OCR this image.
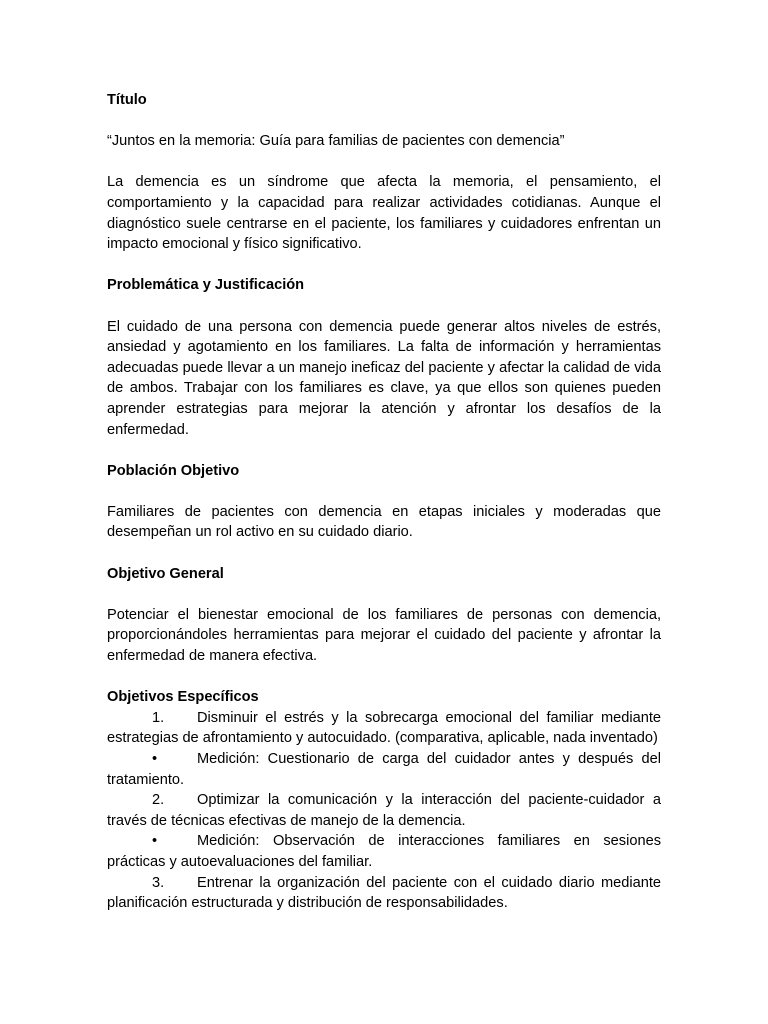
Título

“Juntos en la memoria: Guía para familias de pacientes con demencia”

La demencia es un síndrome que afecta la memoria, el pensamiento, el comportamiento y la capacidad para realizar actividades cotidianas. Aunque el diagnóstico suele centrarse en el paciente, los familiares y cuidadores enfrentan un impacto emocional y físico significativo.

Problemática y Justificación

El cuidado de una persona con demencia puede generar altos niveles de estrés, ansiedad y agotamiento en los familiares. La falta de información y herramientas adecuadas puede llevar a un manejo ineficaz del paciente y afectar la calidad de vida de ambos. Trabajar con los familiares es clave, ya que ellos son quienes pueden aprender estrategias para mejorar la atención y afrontar los desafíos de la enfermedad.

Población Objetivo

Familiares de pacientes con demencia en etapas iniciales y moderadas que desempeñan un rol activo en su cuidado diario.

Objetivo General

Potenciar el bienestar emocional de los familiares de personas con demencia, proporcionándoles herramientas para mejorar el cuidado del paciente y afrontar la enfermedad de manera efectiva.

Objetivos Específicos

1. Disminuir el estrés y la sobrecarga emocional del familiar mediante estrategias de afrontamiento y autocuidado. (comparativa, aplicable, nada inventado)

•	Medición: Cuestionario de carga del cuidador antes y después del tratamiento.

2. Optimizar la comunicación y la interacción del paciente-cuidador a través de técnicas efectivas de manejo de la demencia.

•	Medición: Observación de interacciones familiares en sesiones prácticas y autoevaluaciones del familiar.

3. Entrenar la organización del paciente con el cuidado diario mediante planificación estructurada y distribución de responsabilidades.
